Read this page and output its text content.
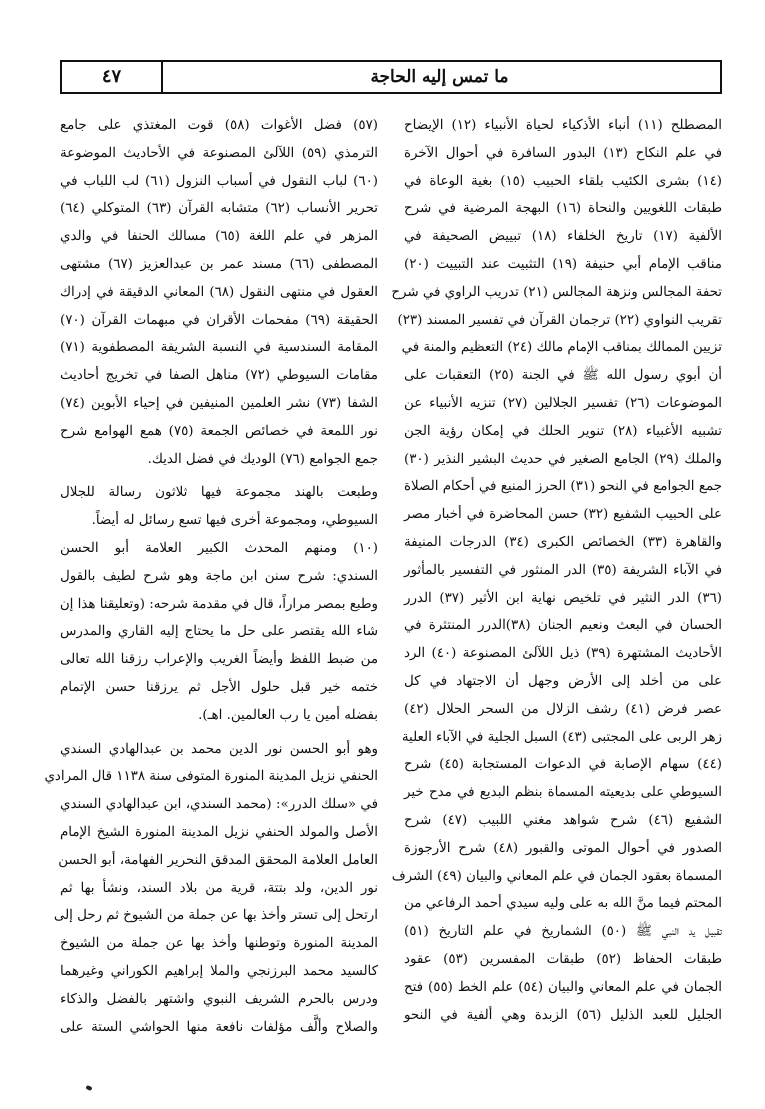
ما تمس إليه الحاجة
٤٧
المصطلح (١١) أنباء الأذكياء لحياة الأنبياء (١٢) الإيضاح
في علم النكاح (١٣) البدور السافرة في أحوال الآخرة
(١٤) بشرى الكئيب بلقاء الحبيب (١٥) بغية الوعاة في
طبقات اللغويين والنحاة (١٦) البهجة المرضية في شرح
الألفية (١٧) تاريخ الخلفاء (١٨) تبييض الصحيفة في
مناقب الإمام أبي حنيفة (١٩) التثبيت عند التبييت (٢٠)
تحفة المجالس ونزهة المجالس (٢١) تدريب الراوي في شرح
تقريب النواوي (٢٢) ترجمان القرآن في تفسير المسند (٢٣)
تزيين الممالك بمناقب الإمام مالك (٢٤) التعظيم والمنة في
أن أبوي رسول الله ﷺ في الجنة (٢٥) التعقبات على
الموضوعات (٢٦) تفسير الجلالين (٢٧) تنزيه الأنبياء عن
تشبيه الأغبياء (٢٨) تنوير الحلك في إمكان رؤية الجن
والملك (٢٩) الجامع الصغير في حديث البشير النذير (٣٠)
جمع الجوامع في النحو (٣١) الحرز المنيع في أحكام الصلاة
على الحبيب الشفيع (٣٢) حسن المحاضرة في أخبار مصر
والقاهرة (٣٣) الخصائص الكبرى (٣٤) الدرجات المنيفة
في الآباء الشريفة (٣٥) الدر المنثور في التفسير بالمأثور
(٣٦) الدر النثير في تلخيص نهاية ابن الأثير (٣٧) الدرر
الحسان في البعث ونعيم الجنان (٣٨)الدرر المنتثرة في
الأحاديث المشتهرة (٣٩) ذيل اللآلئ المصنوعة (٤٠) الرد
على من أخلد إلى الأرض وجهل أن الاجتهاد في كل
عصر فرض (٤١) رشف الزلال من السحر الحلال (٤٢)
زهر الربى على المجتبى (٤٣) السبل الجلية في الآباء العلية
(٤٤) سهام الإصابة في الدعوات المستجابة (٤٥) شرح
السيوطي على بديعيته المسماة بنظم البديع في مدح خير
الشفيع (٤٦) شرح شواهد مغني اللبيب (٤٧) شرح
الصدور في أحوال الموتى والقبور (٤٨) شرح الأرجوزة
المسماة بعقود الجمان في علم المعاني والبيان (٤٩) الشرف
المحتم فيما منَّ الله به على وليه سيدي أحمد الرفاعي من
تقبيل يد النبي ﷺ (٥٠) الشماريخ في علم التاريخ (٥١)
طبقات الحفاظ (٥٢) طبقات المفسرين (٥٣) عقود
الجمان في علم المعاني والبيان (٥٤) علم الخط (٥٥) فتح
الجليل للعبد الذليل (٥٦) الزبدة وهي ألفية في النحو
(٥٧) فضل الأغوات (٥٨) قوت المغتذي على جامع
الترمذي (٥٩) اللآلئ المصنوعة في الأحاديث الموضوعة
(٦٠) لباب النقول في أسباب النزول (٦١) لب اللباب في
تحرير الأنساب (٦٢) متشابه القرآن (٦٣) المتوكلي (٦٤)
المزهر في علم اللغة (٦٥) مسالك الحنفا في والدي
المصطفى (٦٦) مسند عمر بن عبدالعزيز (٦٧) مشتهى
العقول في منتهى النقول (٦٨) المعاني الدقيقة في إدراك
الحقيقة (٦٩) مفحمات الأقران في مبهمات القرآن (٧٠)
المقامة السندسية في النسبة الشريفة المصطفوية (٧١)
مقامات السيوطي (٧٢) مناهل الصفا في تخريج أحاديث
الشفا (٧٣) نشر العلمين المنيفين في إحياء الأبوين (٧٤)
نور اللمعة في خصائص الجمعة (٧٥) همع الهوامع شرح
جمع الجوامع (٧٦) الوديك في فضل الديك.
وطبعت بالهند مجموعة فيها ثلاثون رسالة للجلال
السيوطي، ومجموعة أخرى فيها تسع رسائل له أيضاً.
(١٠) ومنهم المحدث الكبير العلامة أبو الحسن
السندي: شرح سنن ابن ماجة وهو شرح لطيف بالقول
وطبع بمصر مراراً، قال في مقدمة شرحه: (وتعليقنا هذا إن
شاء الله يقتصر على حل ما يحتاج إليه القاري والمدرس
من ضبط اللفظ وأيضاً الغريب والإعراب رزقنا الله تعالى
ختمه خير قبل حلول الأجل ثم يرزقنا حسن الإتمام
بفضله أمين يا رب العالمين. اهـ).
وهو أبو الحسن نور الدين محمد بن عبدالهادي السندي
الحنفي نزيل المدينة المنورة المتوفى سنة ١١٣٨ قال المرادي
في «سلك الدرر»: (محمد السندي، ابن عبدالهادي السندي
الأصل والمولد الحنفي نزيل المدينة المنورة الشيخ الإمام
العامل العلامة المحقق المدقق النحرير الفهامة، أبو الحسن
نور الدين، ولد بتتة، قرية من بلاد السند، ونشأ بها ثم
ارتحل إلى تستر وأخذ بها عن جملة من الشيوخ ثم رحل إلى
المدينة المنورة وتوطنها وأخذ بها عن جملة من الشيوخ
كالسيد محمد البرزنجي والملا إبراهيم الكوراني وغيرهما
ودرس بالحرم الشريف النبوي واشتهر بالفضل والذكاء
والصلاح وألَّف مؤلفات نافعة منها الحواشي الستة على
